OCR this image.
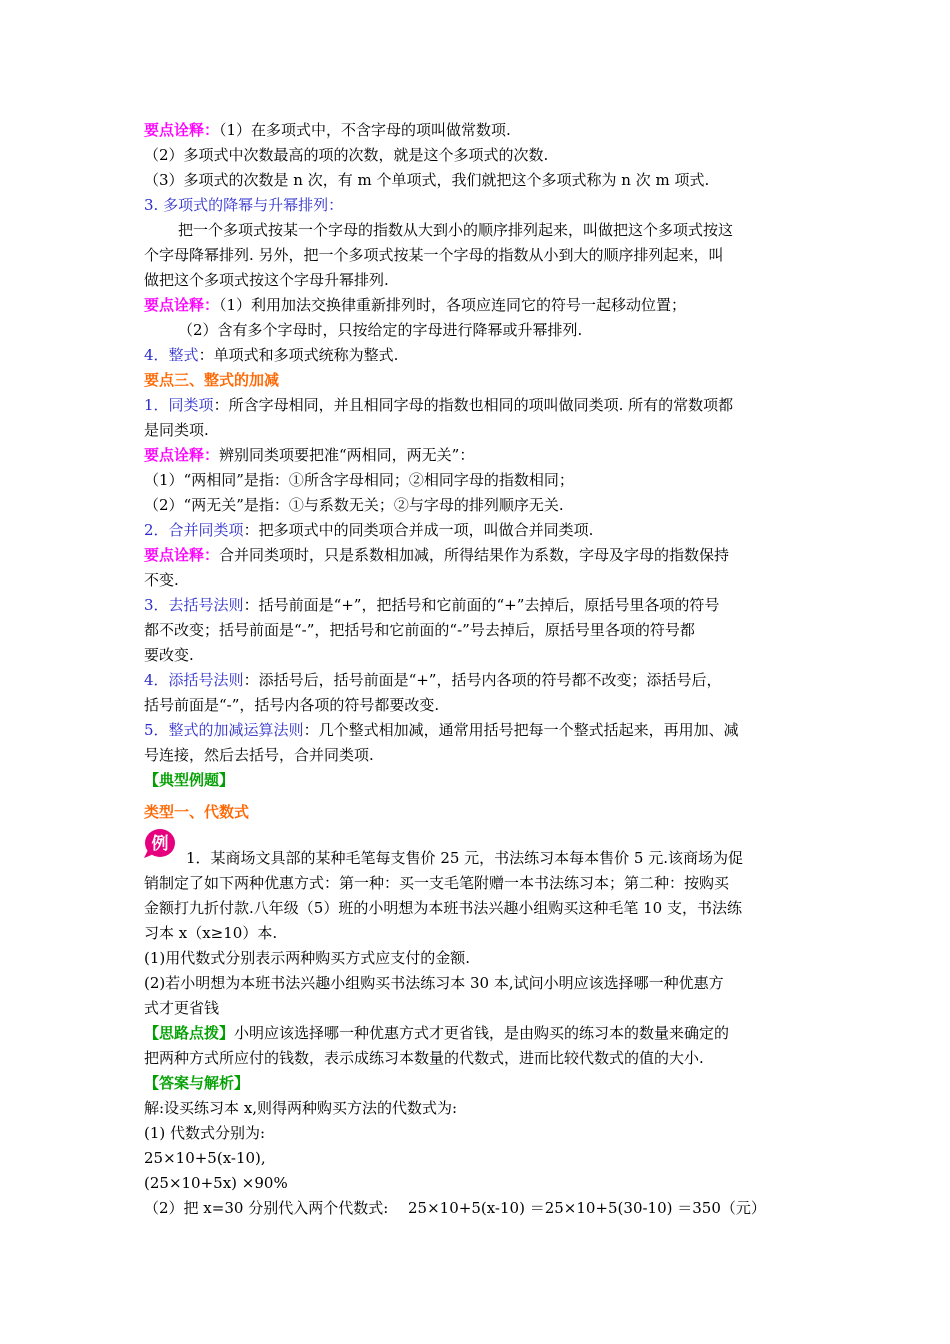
要点诠释：（1）在多项式中，不含字母的项叫做常数项.
（2）多项式中次数最高的项的次数，就是这个多项式的次数.
（3）多项式的次数是 n 次，有 m 个单项式，我们就把这个多项式称为 n 次 m 项式.
3. 多项式的降幂与升幂排列：
把一个多项式按某一个字母的指数从大到小的顺序排列起来，叫做把这个多项式按这
个字母降幂排列. 另外，把一个多项式按某一个字母的指数从小到大的顺序排列起来，叫
做把这个多项式按这个字母升幂排列.
要点诠释：（1）利用加法交换律重新排列时，各项应连同它的符号一起移动位置；
（2）含有多个字母时，只按给定的字母进行降幂或升幂排列.
4．整式：单项式和多项式统称为整式.
要点三、整式的加减
1．同类项：所含字母相同，并且相同字母的指数也相同的项叫做同类项. 所有的常数项都
是同类项.
要点诠释：辨别同类项要把准“两相同，两无关”：
（1）“两相同”是指：①所含字母相同；②相同字母的指数相同；
（2）“两无关”是指：①与系数无关；②与字母的排列顺序无关.
2．合并同类项：把多项式中的同类项合并成一项，叫做合并同类项.
要点诠释：合并同类项时，只是系数相加减，所得结果作为系数，字母及字母的指数保持
不变.
3．去括号法则：括号前面是“+”，把括号和它前面的“+”去掉后，原括号里各项的符号
都不改变；括号前面是“-”，把括号和它前面的“-”号去掉后，原括号里各项的符号都
要改变.
4．添括号法则：添括号后，括号前面是“+”，括号内各项的符号都不改变；添括号后，
括号前面是“-”，括号内各项的符号都要改变.
5．整式的加减运算法则：几个整式相加减，通常用括号把每一个整式括起来，再用加、减
号连接，然后去括号，合并同类项.
【典型例题】
类型一、代数式
例
1．某商场文具部的某种毛笔每支售价 25 元，书法练习本每本售价 5 元.该商场为促
销制定了如下两种优惠方式：第一种：买一支毛笔附赠一本书法练习本；第二种：按购买
金额打九折付款.八年级（5）班的小明想为本班书法兴趣小组购买这种毛笔 10 支，书法练
习本 x（x≥10）本.
(1)用代数式分别表示两种购买方式应支付的金额.
(2)若小明想为本班书法兴趣小组购买书法练习本 30 本,试问小明应该选择哪一种优惠方
式才更省钱
【思路点拨】小明应该选择哪一种优惠方式才更省钱，是由购买的练习本的数量来确定的
把两种方式所应付的钱数，表示成练习本数量的代数式，进而比较代数式的值的大小.
【答案与解析】
解:设买练习本 x,则得两种购买方法的代数式为:
(1) 代数式分别为:
25×10+5(x-10),
(25×10+5x) ×90%
（2）把 x=30 分别代入两个代数式:　 25×10+5(x-10) ＝25×10+5(30-10) ＝350（元）
